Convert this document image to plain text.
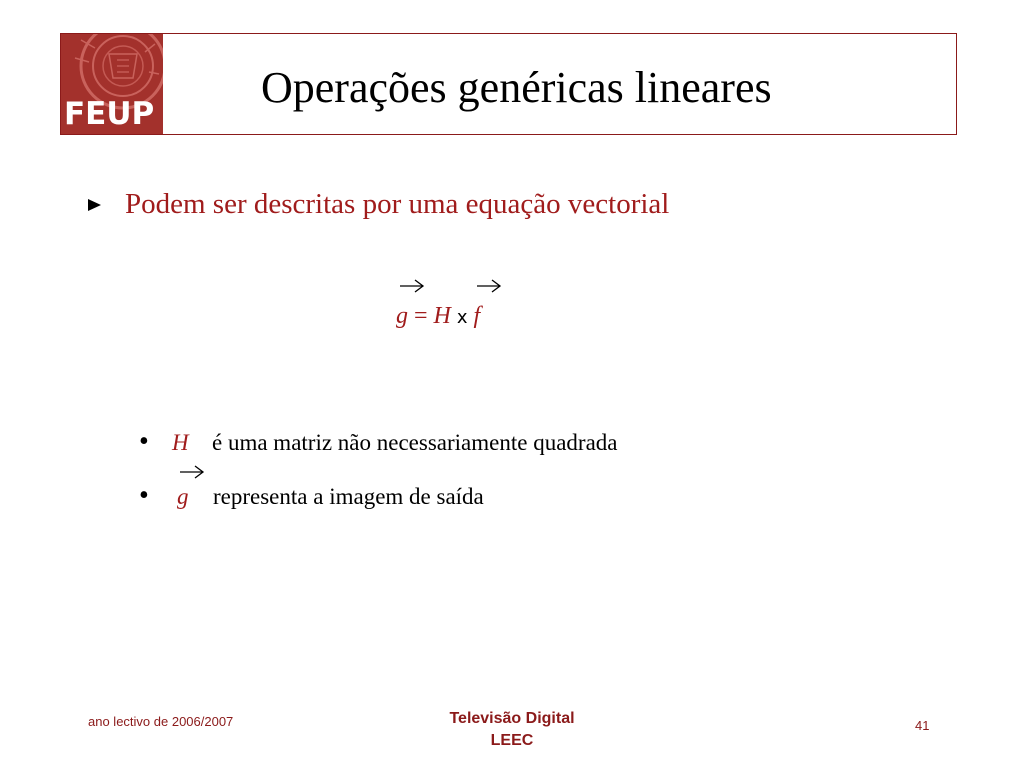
FEUP
Operações genéricas lineares
Podem ser descritas por uma equação vectorial
g = H x f
• H é uma matriz não necessariamente quadrada
• g representa a imagem de saída
ano lectivo de 2006/2007	Televisão Digital
LEEC
41
